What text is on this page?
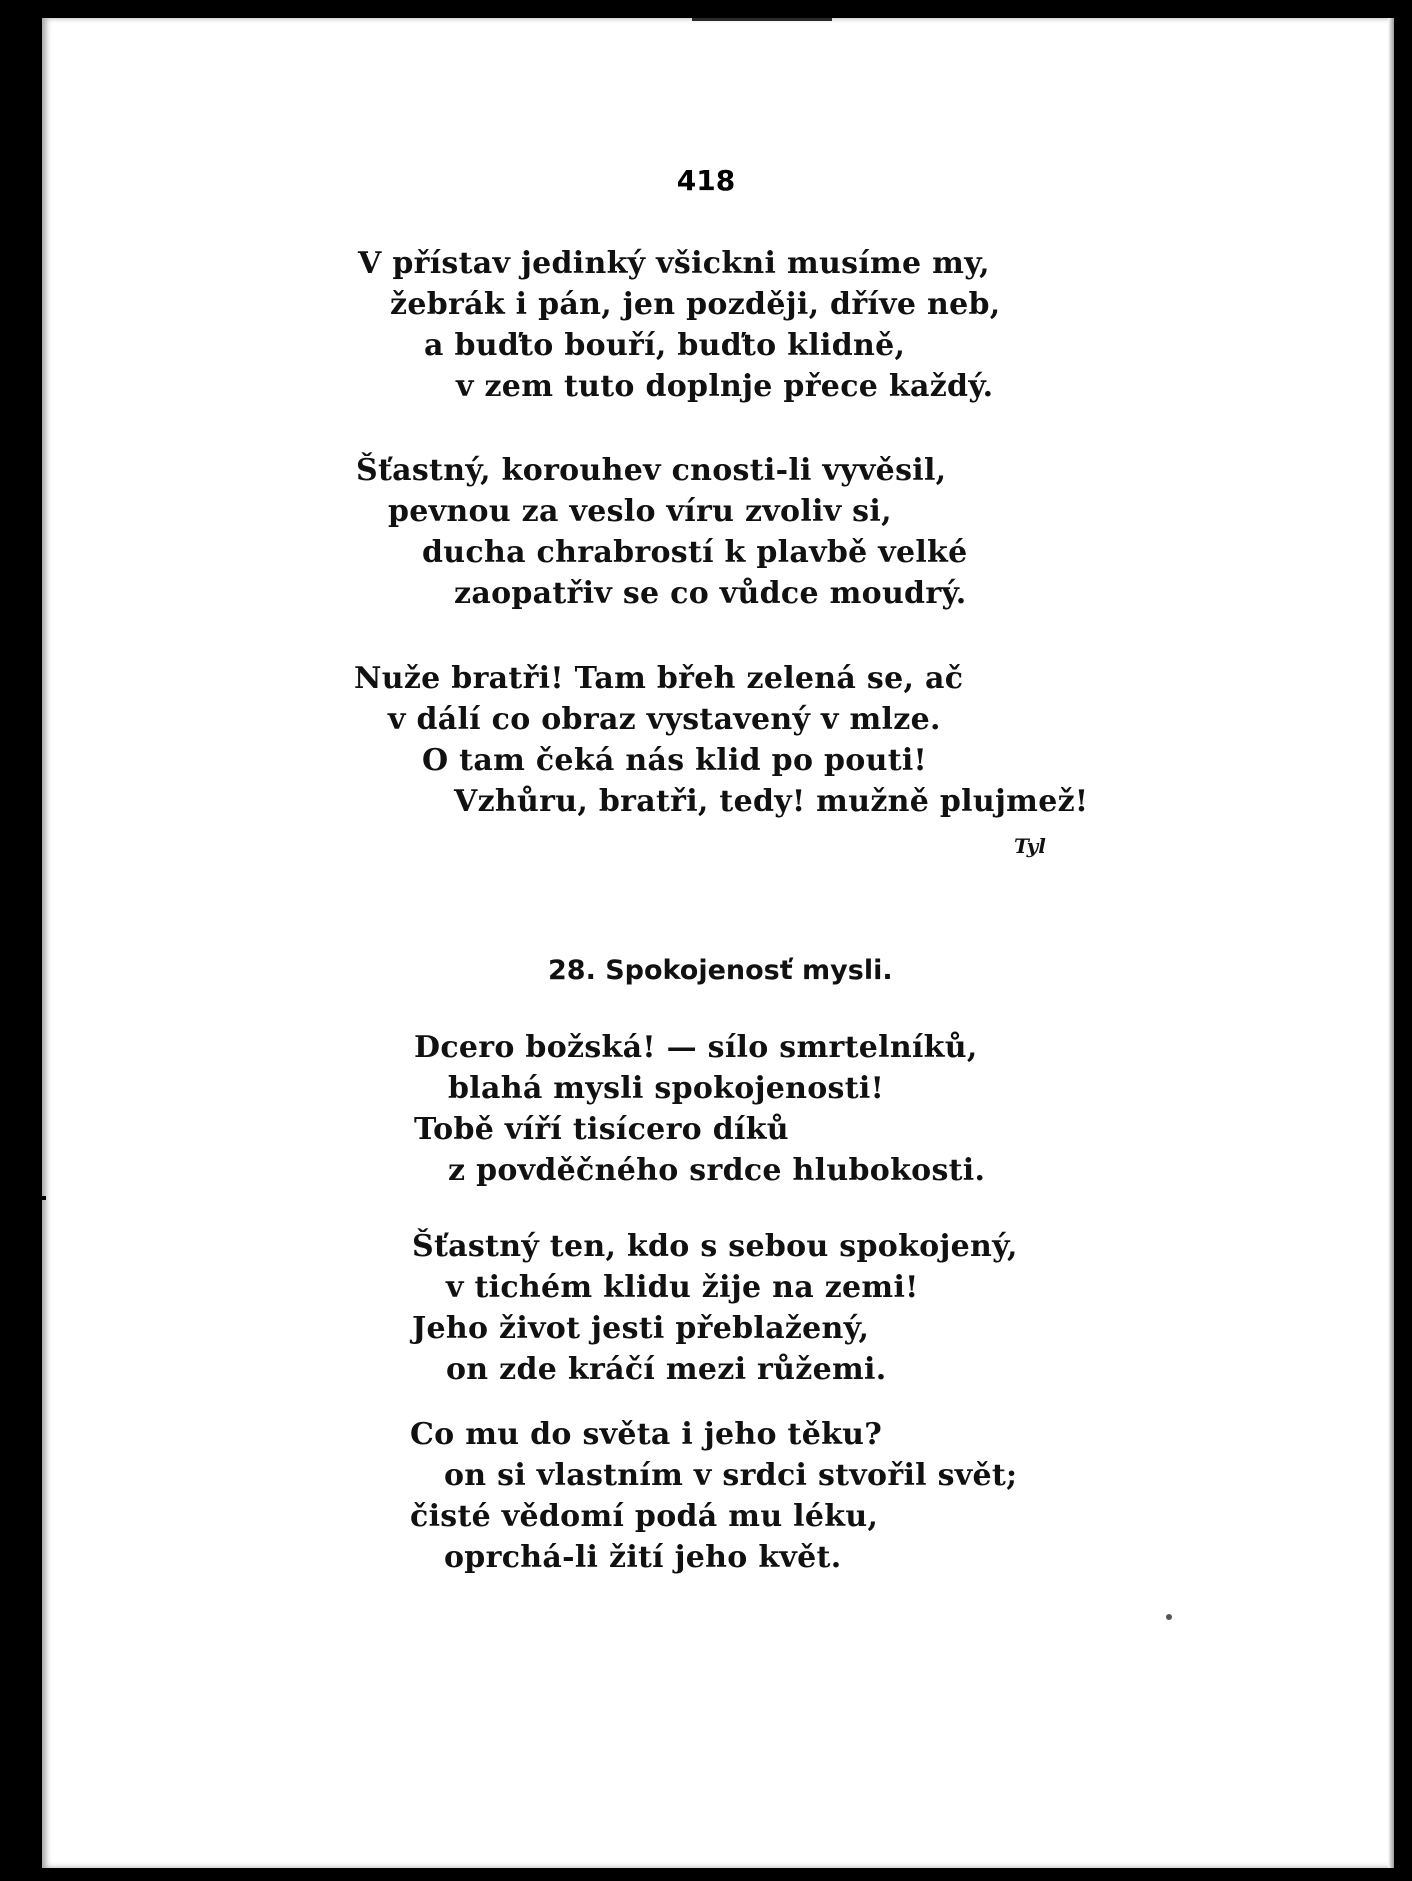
418
V přístav jedinký všickni musíme my,
žebrák i pán, jen později, dříve neb,
a buďto bouří, buďto klidně,
v zem tuto doplnje přece každý.
Šťastný, korouhev cnosti-li vyvěsil,
pevnou za veslo víru zvoliv si,
ducha chrabrostí k plavbě velké
zaopatřiv se co vůdce moudrý.
Nuže bratři! Tam břeh zelená se, ač
v dálí co obraz vystavený v mlze.
O tam čeká nás klid po pouti!
Vzhůru, bratři, tedy! mužně plujmež!
Tyl
28. Spokojenosť mysli.
Dcero božská! — sílo smrtelníků,
blahá mysli spokojenosti!
Tobě víří tisícero díků
z povděčného srdce hlubokosti.
Šťastný ten, kdo s sebou spokojený,
v tichém klidu žije na zemi!
Jeho život jesti přeblažený,
on zde kráčí mezi růžemi.
Co mu do světa i jeho těku?
on si vlastním v srdci stvořil svět;
čisté vědomí podá mu léku,
oprchá-li žití jeho květ.
